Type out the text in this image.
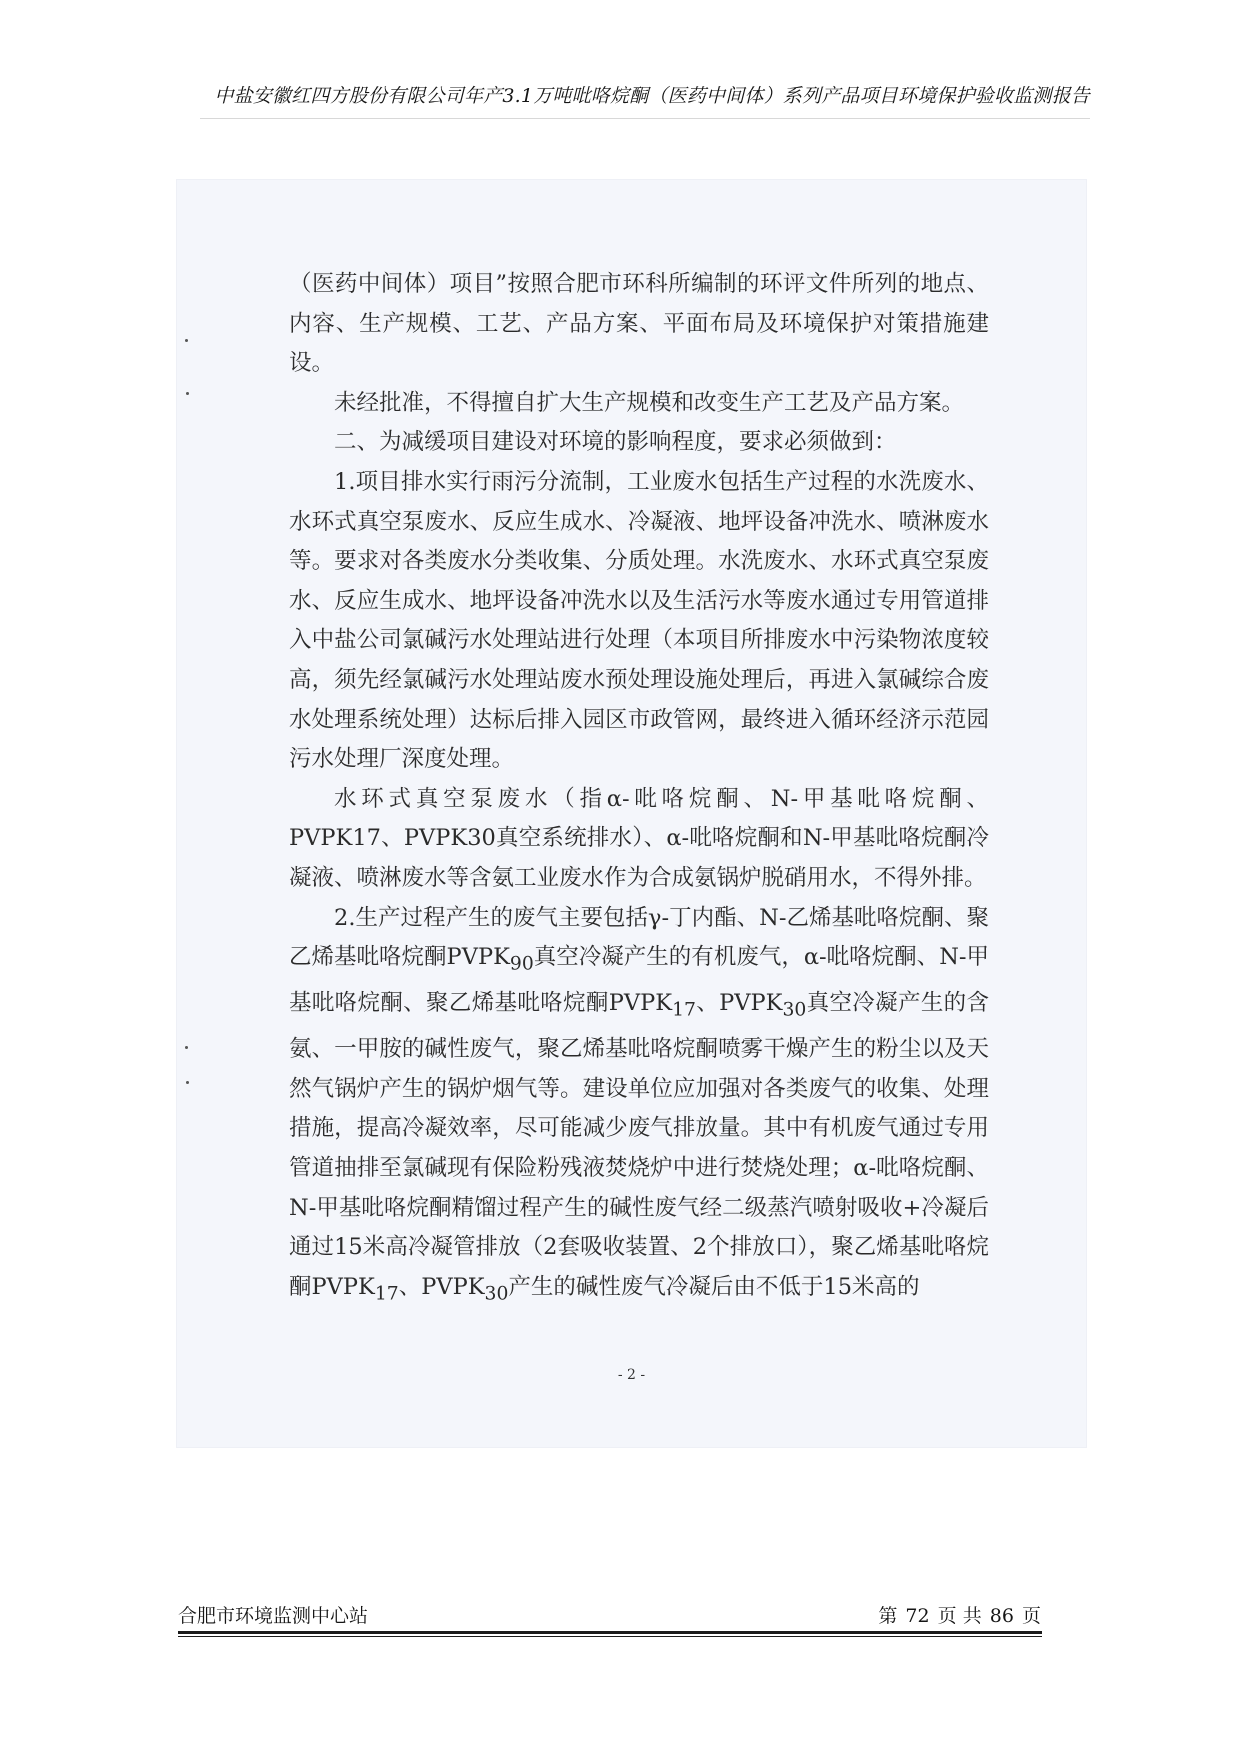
中盐安徽红四方股份有限公司年产3.1万吨吡咯烷酮（医药中间体）系列产品项目环境保护验收监测报告

（医药中间体）项目”按照合肥市环科所编制的环评文件所列的地点、内容、生产规模、工艺、产品方案、平面布局及环境保护对策措施建设。

未经批准，不得擅自扩大生产规模和改变生产工艺及产品方案。

二、为减缓项目建设对环境的影响程度，要求必须做到：

1.项目排水实行雨污分流制，工业废水包括生产过程的水洗废水、水环式真空泵废水、反应生成水、冷凝液、地坪设备冲洗水、喷淋废水等。要求对各类废水分类收集、分质处理。水洗废水、水环式真空泵废水、反应生成水、地坪设备冲洗水以及生活污水等废水通过专用管道排入中盐公司氯碱污水处理站进行处理（本项目所排废水中污染物浓度较高，须先经氯碱污水处理站废水预处理设施处理后，再进入氯碱综合废水处理系统处理）达标后排入园区市政管网，最终进入循环经济示范园污水处理厂深度处理。

水环式真空泵废水（指α-吡咯烷酮、N-甲基吡咯烷酮、PVPK17、PVPK30真空系统排水）、α-吡咯烷酮和N-甲基吡咯烷酮冷凝液、喷淋废水等含氨工业废水作为合成氨锅炉脱硝用水，不得外排。

2.生产过程产生的废气主要包括γ-丁内酯、N-乙烯基吡咯烷酮、聚乙烯基吡咯烷酮$PVPK_{90}$真空冷凝产生的有机废气，α-吡咯烷酮、N-甲基吡咯烷酮、聚乙烯基吡咯烷酮$PVPK_{17}$、$PVPK_{30}$真空冷凝产生的含氨、一甲胺的碱性废气，聚乙烯基吡咯烷酮喷雾干燥产生的粉尘以及天然气锅炉产生的锅炉烟气等。建设单位应加强对各类废气的收集、处理措施，提高冷凝效率，尽可能减少废气排放量。其中有机废气通过专用管道抽排至氯碱现有保险粉残液焚烧炉中进行焚烧处理；α-吡咯烷酮、N-甲基吡咯烷酮精馏过程产生的碱性废气经二级蒸汽喷射吸收+冷凝后通过15米高冷凝管排放（2套吸收装置、2个排放口），聚乙烯基吡咯烷酮$PVPK_{17}$、$PVPK_{30}$产生的碱性废气冷凝后由不低于15米高的

- 2 -
合肥市环境监测中心站	第 72 页 共 86 页
